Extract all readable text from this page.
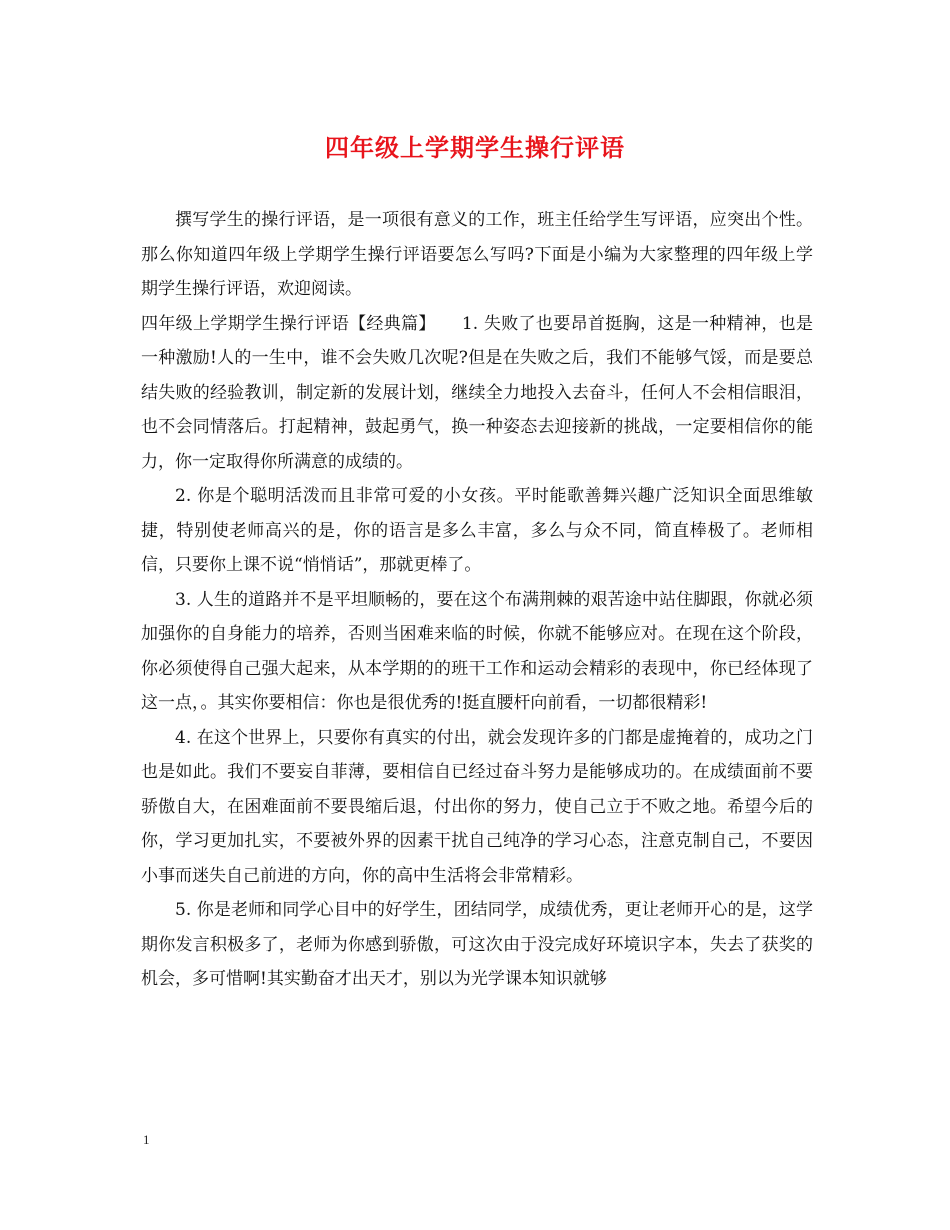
四年级上学期学生操行评语

撰写学生的操行评语，是一项很有意义的工作，班主任给学生写评语，应突出个性。那么你知道四年级上学期学生操行评语要怎么写吗?下面是小编为大家整理的四年级上学期学生操行评语，欢迎阅读。

四年级上学期学生操行评语【经典篇】　　1. 失败了也要昂首挺胸，这是一种精神，也是一种激励!人的一生中，谁不会失败几次呢?但是在失败之后，我们不能够气馁，而是要总结失败的经验教训，制定新的发展计划，继续全力地投入去奋斗，任何人不会相信眼泪，也不会同情落后。打起精神，鼓起勇气，换一种姿态去迎接新的挑战，一定要相信你的能力，你一定取得你所满意的成绩的。

2. 你是个聪明活泼而且非常可爱的小女孩。平时能歌善舞兴趣广泛知识全面思维敏捷，特别使老师高兴的是，你的语言是多么丰富，多么与众不同，简直棒极了。老师相信，只要你上课不说“悄悄话”，那就更棒了。

3. 人生的道路并不是平坦顺畅的，要在这个布满荆棘的艰苦途中站住脚跟，你就必须加强你的自身能力的培养，否则当困难来临的时候，你就不能够应对。在现在这个阶段，你必须使得自己强大起来，从本学期的的班干工作和运动会精彩的表现中，你已经体现了这一点，。其实你要相信：你也是很优秀的!挺直腰杆向前看，一切都很精彩!

4. 在这个世界上，只要你有真实的付出，就会发现许多的门都是虚掩着的，成功之门也是如此。我们不要妄自菲薄，要相信自已经过奋斗努力是能够成功的。在成绩面前不要骄傲自大，在困难面前不要畏缩后退，付出你的努力，使自己立于不败之地。希望今后的你，学习更加扎实，不要被外界的因素干扰自己纯净的学习心态，注意克制自己，不要因小事而迷失自己前进的方向，你的高中生活将会非常精彩。

5. 你是老师和同学心目中的好学生，团结同学，成绩优秀，更让老师开心的是，这学期你发言积极多了，老师为你感到骄傲，可这次由于没完成好环境识字本，失去了获奖的机会，多可惜啊!其实勤奋才出天才，别以为光学课本知识就够

1
